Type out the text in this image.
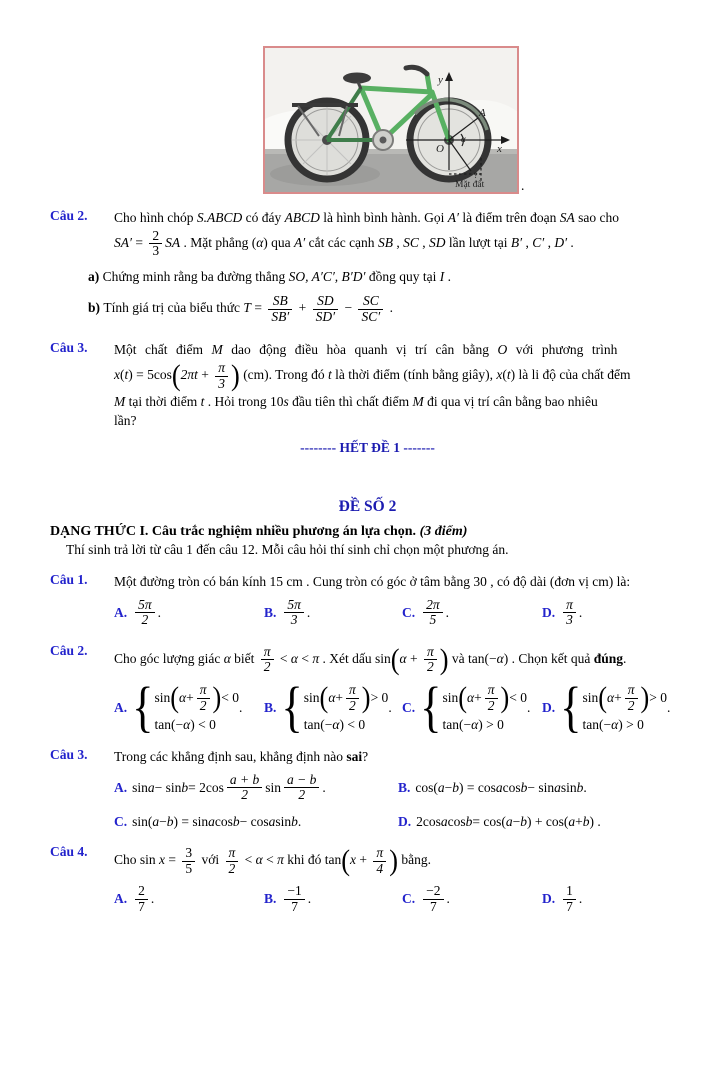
y
x
O
A
α
?
Mặt đất	.
Câu 2.	Cho hình chóp S.ABCD có đáy ABCD là hình bình hành. Gọi A′ là điểm trên đoạn SA sao cho
$SA' = \frac{2}{3}$ SA . Mặt phẳng (α) qua A′ cắt các cạnh SB , SC , SD lần lượt tại B′ , C′ , D′ .
a) Chứng minh rằng ba đường thẳng SO, A′C′, B′D′ đồng quy tại I .
b) Tính giá trị của biểu thức $T = \frac{SB}{SB'} + \frac{SD}{SD'} - \frac{SC}{SC'}$ .
Câu 3.	Một chất điểm M dao động điều hòa quanh vị trí cân bằng O với phương trình
$x(t) = 5\cos(2\pi t + \frac{\pi}{3}$ ) (cm). Trong đó t là thời điểm (tính bằng giây), x(t) là li độ của chất đểm
M tại thời điểm t . Hỏi trong 10s đầu tiên thì chất điểm M đi qua vị trí cân bằng bao nhiêu
lần?
-------- HẾT ĐỀ 1 -------
ĐỀ SỐ 2
DẠNG THỨC I. Câu trắc nghiệm nhiều phương án lựa chọn. (3 điểm)
Thí sinh trả lời từ câu 1 đến câu 12. Mỗi câu hỏi thí sinh chỉ chọn một phương án.
Câu 1.	Một đường tròn có bán kính 15 cm . Cung tròn có góc ở tâm bằng 30 , có độ dài (đơn vị cm) là:
A. $\frac{5\pi}{2}$ .	B. $\frac{5\pi}{3}$ .	C. $\frac{2\pi}{5}$ .	D. $\frac{\pi}{3}$ .
Câu 2.
Cho góc lượng giác α biết $\frac{\pi}{2} < \alpha < \pi$ . Xét dấu $\sin(\alpha + \frac{\pi}{2}$ ) và tan(−α) . Chọn kết quả đúng.
A. { sin ( $\alpha + \frac{\pi}{2}$ ) < 0
tan(− α ) < 0
. B. { sin ( $\alpha + \frac{\pi}{2}$ ) > 0
tan(− α ) < 0
. C. { sin ( $\alpha + \frac{\pi}{2}$ ) < 0
tan(− α ) > 0
. D. { sin ( $\alpha + \frac{\pi}{2}$ ) > 0
tan(− α ) > 0
.
Câu 3.	Trong các khẳng định sau, khẳng định nào sai?
A. $\sin a - \sin b = 2\cos \frac{a + b}{2}$ $\sin \frac{a - b}{2}$ .	B. cos( a − b ) = cos a cos b − sin a sin b .
C. sin( a − b ) = sin a cos b − cos a sin b .	D. 2cos a cos b = cos( a − b ) + cos( a + b ) .
Câu 4.
Cho $\sin x = \frac{3}{5}$ với $\frac{\pi}{2} < \alpha < \pi$ khi đó $\tan(x + \frac{\pi}{4}$ ) bằng.
A. $\frac{2}{7}$ .	B. $\frac{-1}{7}$ .	C. $\frac{-2}{7}$ .	D. $\frac{1}{7}$ .
